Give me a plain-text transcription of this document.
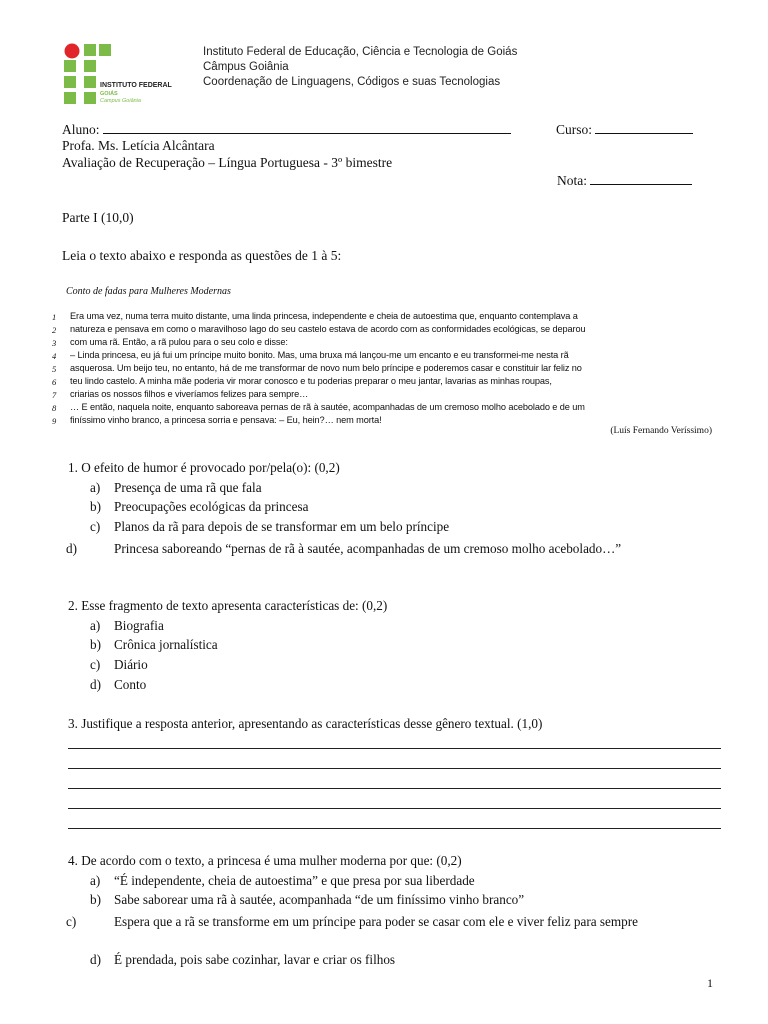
INSTITUTO FEDERAL
GOIÁS
Campus Goiânia
Instituto Federal de Educação, Ciência e Tecnologia de Goiás
Câmpus Goiânia
Coordenação de Linguagens, Códigos e suas Tecnologias
Aluno:	Curso:
Profa. Ms. Letícia Alcântara
Avaliação de Recuperação – Língua Portuguesa - 3º bimestre
Nota:
Parte I (10,0)
Leia o texto abaixo e responda as questões de 1 à 5:
Conto de fadas para Mulheres Modernas
1	Era uma vez, numa terra muito distante, uma linda princesa, independente e cheia de autoestima que, enquanto contemplava a
2	natureza e pensava em como o maravilhoso lago do seu castelo estava de acordo com as conformidades ecológicas, se deparou
3	com uma rã. Então, a rã pulou para o seu colo e disse:
4	– Linda princesa, eu já fui um príncipe muito bonito. Mas, uma bruxa má lançou-me um encanto e eu transformei-me nesta rã
5	asquerosa. Um beijo teu, no entanto, há de me transformar de novo num belo príncipe e poderemos casar e constituir lar feliz no
6	teu lindo castelo. A minha mãe poderia vir morar conosco e tu poderias preparar o meu jantar, lavarias as minhas roupas,
7	criarias os nossos filhos e viveríamos felizes para sempre…
8	… E então, naquela noite, enquanto saboreava pernas de rã à sautée, acompanhadas de um cremoso molho acebolado e de um
9	finíssimo vinho branco, a princesa sorria e pensava: – Eu, hein?… nem morta!
(Luís Fernando Veríssimo)
1. O efeito de humor é provocado por/pela(o): (0,2)
a) Presença de uma rã que fala
b) Preocupações ecológicas da princesa
c) Planos da rã para depois de se transformar em um belo príncipe
d)	Princesa saboreando “pernas de rã à sautée, acompanhadas de um cremoso molho acebolado…”
2. Esse fragmento de texto apresenta características de: (0,2)
a) Biografia
b) Crônica jornalística
c) Diário
d) Conto
3. Justifique a resposta anterior, apresentando as características desse gênero textual. (1,0)
4. De acordo com o texto, a princesa é uma mulher moderna por que: (0,2)
a) “É independente, cheia de autoestima” e que presa por sua liberdade
b) Sabe saborear uma rã à sautée, acompanhada “de um finíssimo vinho branco”
c)	Espera que a rã se transforme em um príncipe para poder se casar com ele e viver feliz para sempre
d) É prendada, pois sabe cozinhar, lavar e criar os filhos
1
